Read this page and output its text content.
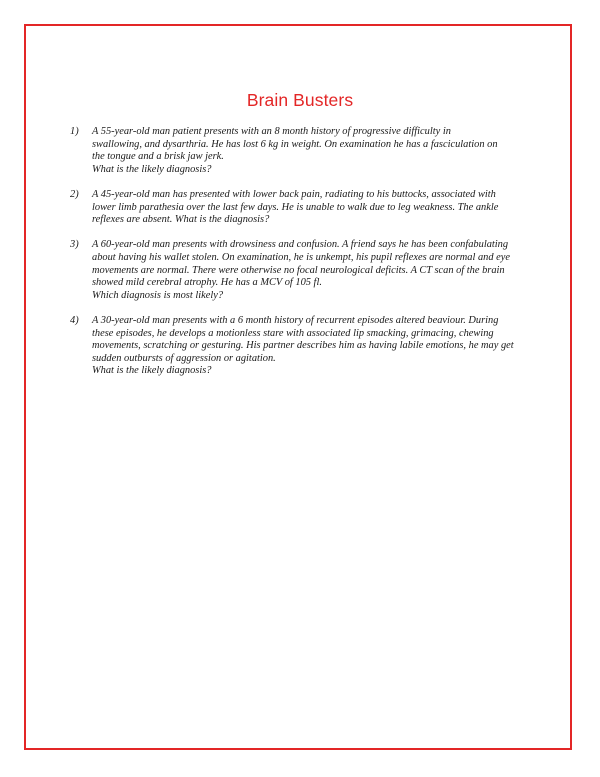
Brain Busters
1) A 55-year-old man patient presents with an 8 month history of progressive difficulty in
swallowing, and dysarthria. He has lost 6 kg in weight. On examination he has a fasciculation on
the tongue and a brisk jaw jerk.
What is the likely diagnosis?
2) A 45-year-old man has presented with lower back pain, radiating to his buttocks, associated with
lower limb parathesia over the last few days. He is unable to walk due to leg weakness. The ankle
reflexes are absent. What is the diagnosis?
3) A 60-year-old man presents with drowsiness and confusion. A friend says he has been confabulating
about having his wallet stolen. On examination, he is unkempt, his pupil reflexes are normal and eye
movements are normal. There were otherwise no focal neurological deficits. A CT scan of the brain
showed mild cerebral atrophy. He has a MCV of 105 fl.
Which diagnosis is most likely?
4) A 30-year-old man presents with a 6 month history of recurrent episodes altered beaviour. During
these episodes, he develops a motionless stare with associated lip smacking, grimacing, chewing
movements, scratching or gesturing. His partner describes him as having labile emotions, he may get
sudden outbursts of aggression or agitation.
What is the likely diagnosis?
